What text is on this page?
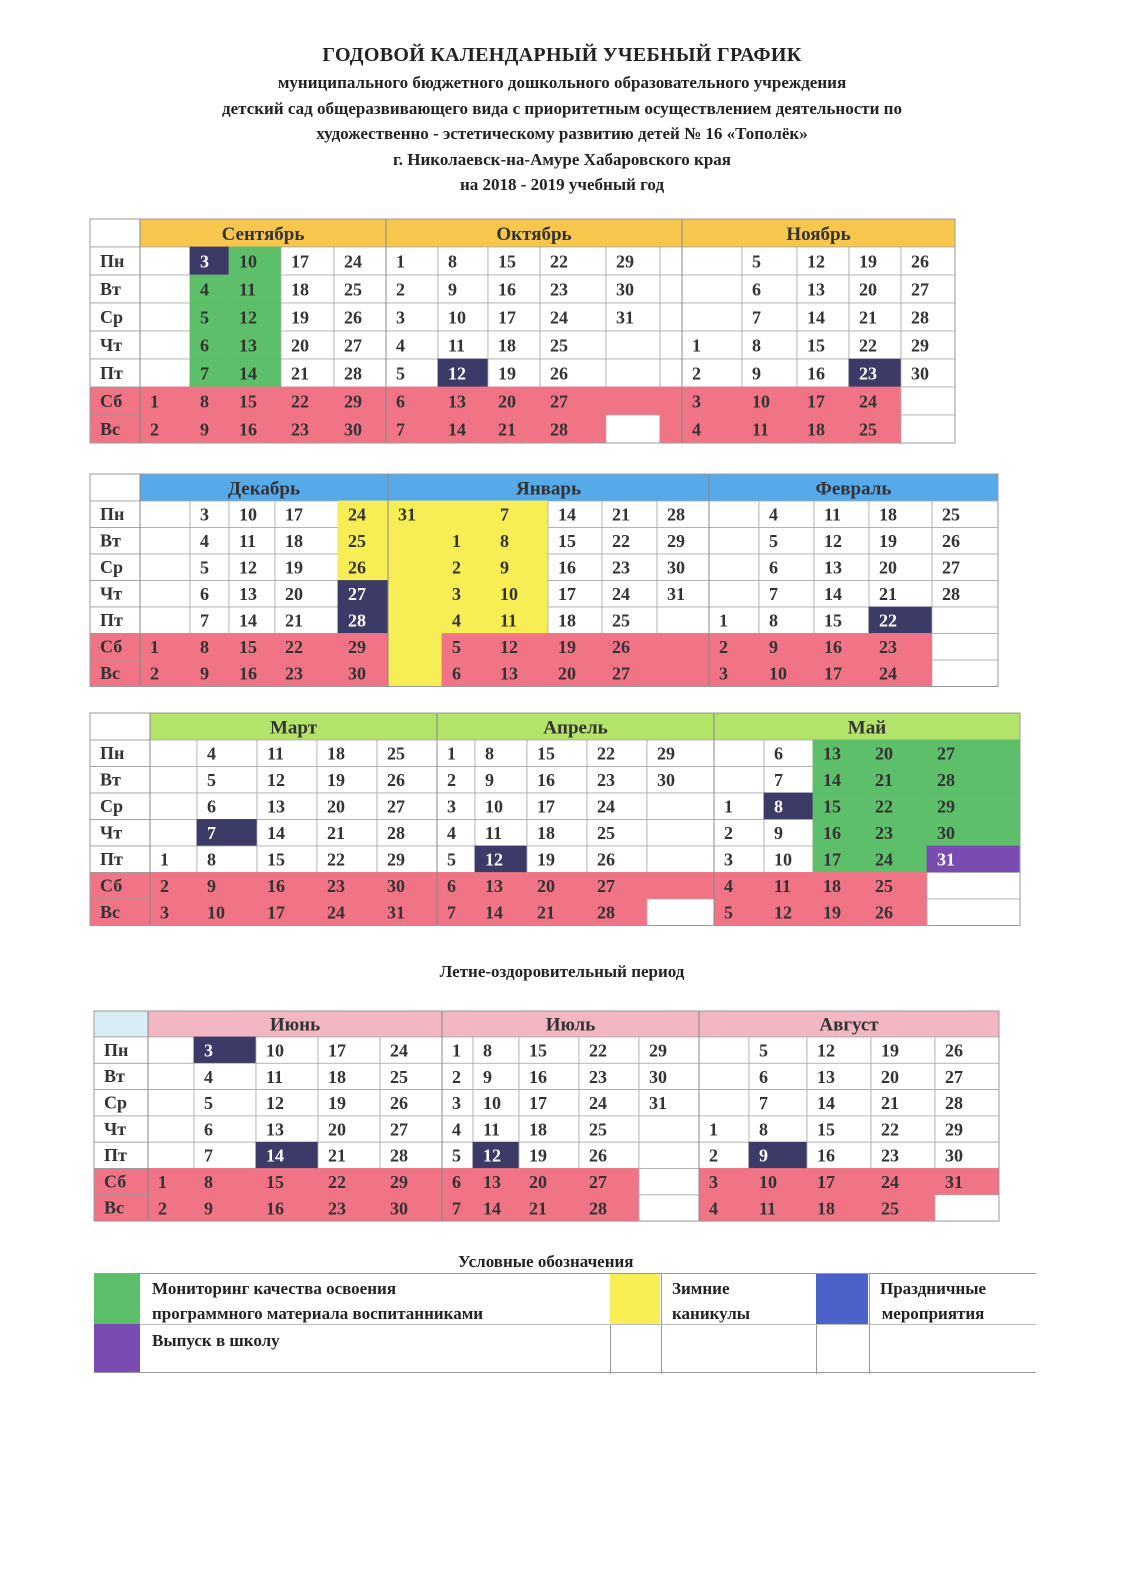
ГОДОВОЙ КАЛЕНДАРНЫЙ УЧЕБНЫЙ ГРАФИК
муниципального бюджетного дошкольного образовательного учреждения
детский сад общеразвивающего вида с приоритетным осуществлением деятельности по
художественно - эстетическому развитию детей № 16 «Тополёк»
г. Николаевск-на-Амуре Хабаровского края
на 2018 - 2019 учебный год
Пн
Вт
Ср
Чт
Пт
Сб
Вс
Сентябрь
1
2
3
4
5
6
7
8
9
10
11
12
13
14
15
16
17
18
19
20
21
22
23
24
25
26
27
28
29
30
Октябрь
1
2
3
4
5
6
7
8
9
10
11
12
13
14
15
16
17
18
19
20
21
22
23
24
25
26
27
28
29
30
31
Ноябрь
1
2
3
4
5
6
7
8
9
10
11
12
13
14
15
16
17
18
19
20
21
22
23
24
25
26
27
28
29
30
Пн
Вт
Ср
Чт
Пт
Сб
Вс
Декабрь
1
2
3
4
5
6
7
8
9
10
11
12
13
14
15
16
17
18
19
20
21
22
23
24
25
26
27
28
29
30
Январь
31
1
2
3
4
5
6
7
8
9
10
11
12
13
14
15
16
17
18
19
20
21
22
23
24
25
26
27
28
29
30
31
Февраль
1
2
3
4
5
6
7
8
9
10
11
12
13
14
15
16
17
18
19
20
21
22
23
24
25
26
27
28
Пн
Вт
Ср
Чт
Пт
Сб
Вс
Март
1
2
3
4
5
6
7
8
9
10
11
12
13
14
15
16
17
18
19
20
21
22
23
24
25
26
27
28
29
30
31
Апрель
1
2
3
4
5
6
7
8
9
10
11
12
13
14
15
16
17
18
19
20
21
22
23
24
25
26
27
28
29
30
Май
1
2
3
4
5
6
7
8
9
10
11
12
13
14
15
16
17
18
19
20
21
22
23
24
25
26
27
28
29
30
31
Летне-оздоровительный период
Пн
Вт
Ср
Чт
Пт
Сб
Вс
Июнь
1
2
3
4
5
6
7
8
9
10
11
12
13
14
15
16
17
18
19
20
21
22
23
24
25
26
27
28
29
30
Июль
1
2
3
4
5
6
7
8
9
10
11
12
13
14
15
16
17
18
19
20
21
22
23
24
25
26
27
28
29
30
31
Август
1
2
3
4
5
6
7
8
9
10
11
12
13
14
15
16
17
18
19
20
21
22
23
24
25
26
27
28
29
30
31
Условные обозначения
Мониторинг качества освоения
программного материала воспитанниками
Зимние
каникулы
Праздничные
мероприятия
Выпуск в школу
